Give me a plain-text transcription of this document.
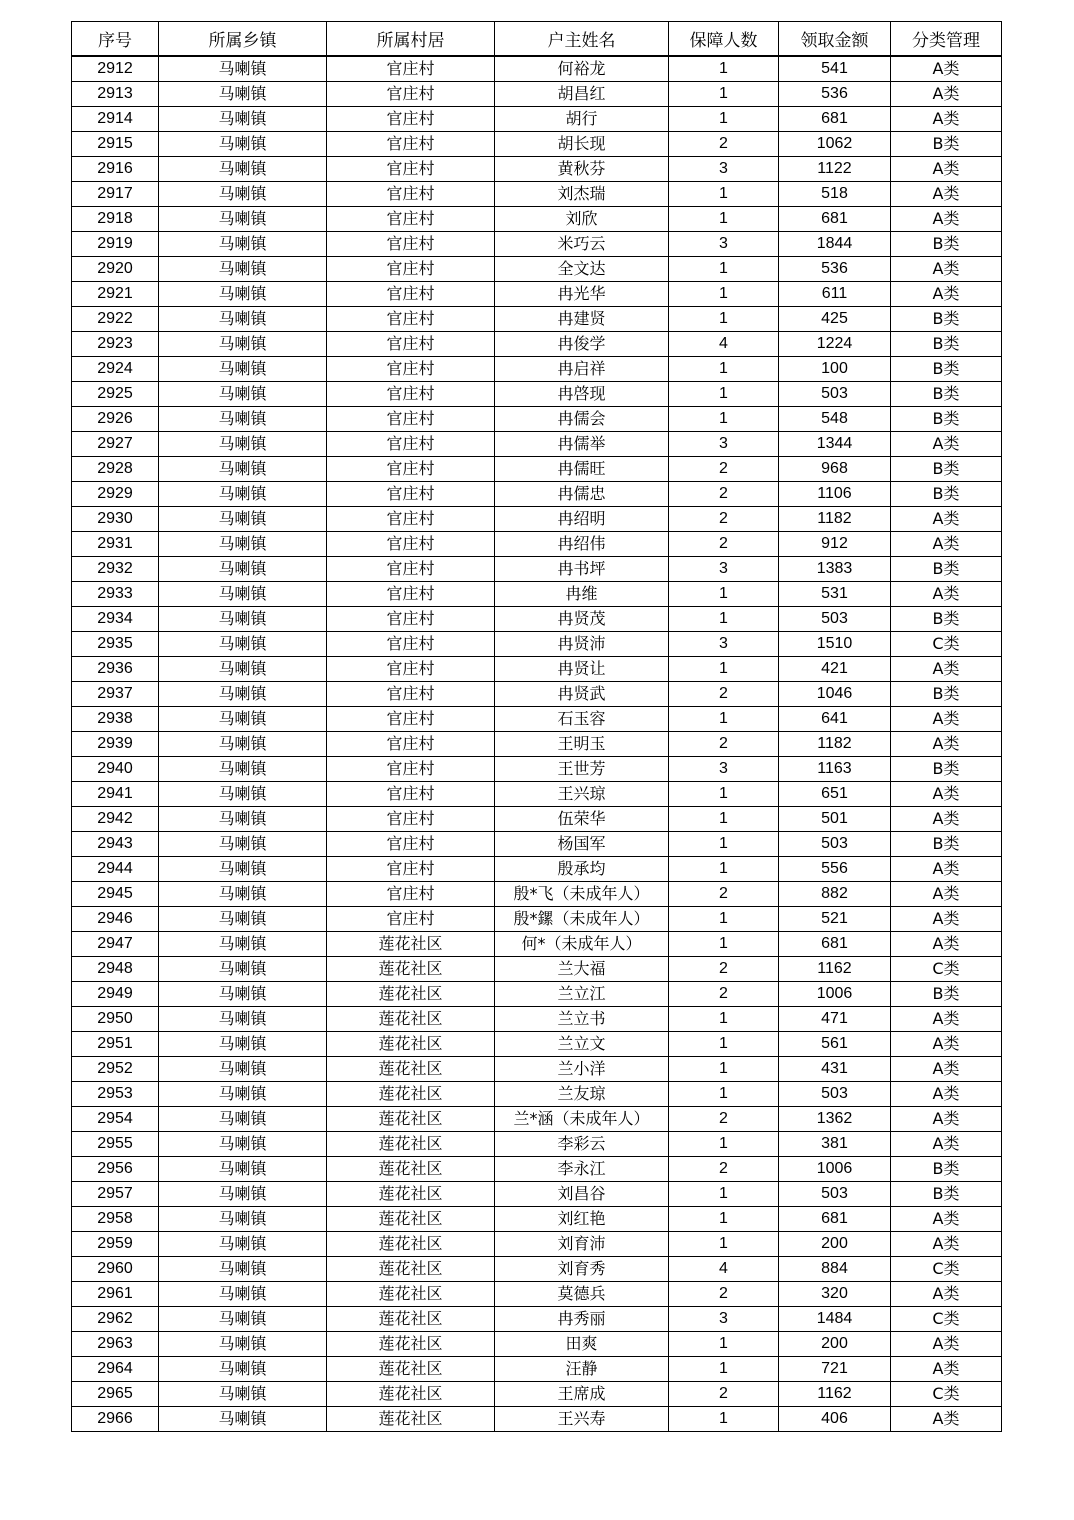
序号	所属乡镇	所属村居	户主姓名	保障人数	领取金额	分类管理
2912	马喇镇	官庄村	何裕龙	1	541	A类
2913	马喇镇	官庄村	胡昌红	1	536	A类
2914	马喇镇	官庄村	胡行	1	681	A类
2915	马喇镇	官庄村	胡长现	2	1062	B类
2916	马喇镇	官庄村	黄秋芬	3	1122	A类
2917	马喇镇	官庄村	刘杰瑞	1	518	A类
2918	马喇镇	官庄村	刘欣	1	681	A类
2919	马喇镇	官庄村	米巧云	3	1844	B类
2920	马喇镇	官庄村	全文达	1	536	A类
2921	马喇镇	官庄村	冉光华	1	611	A类
2922	马喇镇	官庄村	冉建贤	1	425	B类
2923	马喇镇	官庄村	冉俊学	4	1224	B类
2924	马喇镇	官庄村	冉启祥	1	100	B类
2925	马喇镇	官庄村	冉啓现	1	503	B类
2926	马喇镇	官庄村	冉儒会	1	548	B类
2927	马喇镇	官庄村	冉儒举	3	1344	A类
2928	马喇镇	官庄村	冉儒旺	2	968	B类
2929	马喇镇	官庄村	冉儒忠	2	1106	B类
2930	马喇镇	官庄村	冉绍明	2	1182	A类
2931	马喇镇	官庄村	冉绍伟	2	912	A类
2932	马喇镇	官庄村	冉书坪	3	1383	B类
2933	马喇镇	官庄村	冉维	1	531	A类
2934	马喇镇	官庄村	冉贤茂	1	503	B类
2935	马喇镇	官庄村	冉贤沛	3	1510	C类
2936	马喇镇	官庄村	冉贤让	1	421	A类
2937	马喇镇	官庄村	冉贤武	2	1046	B类
2938	马喇镇	官庄村	石玉容	1	641	A类
2939	马喇镇	官庄村	王明玉	2	1182	A类
2940	马喇镇	官庄村	王世芳	3	1163	B类
2941	马喇镇	官庄村	王兴琼	1	651	A类
2942	马喇镇	官庄村	伍荣华	1	501	A类
2943	马喇镇	官庄村	杨国军	1	503	B类
2944	马喇镇	官庄村	殷承均	1	556	A类
2945	马喇镇	官庄村	殷*飞（未成年人）	2	882	A类
2946	马喇镇	官庄村	殷*鏍（未成年人）	1	521	A类
2947	马喇镇	莲花社区	何*（未成年人）	1	681	A类
2948	马喇镇	莲花社区	兰大福	2	1162	C类
2949	马喇镇	莲花社区	兰立江	2	1006	B类
2950	马喇镇	莲花社区	兰立书	1	471	A类
2951	马喇镇	莲花社区	兰立文	1	561	A类
2952	马喇镇	莲花社区	兰小洋	1	431	A类
2953	马喇镇	莲花社区	兰友琼	1	503	A类
2954	马喇镇	莲花社区	兰*涵（未成年人）	2	1362	A类
2955	马喇镇	莲花社区	李彩云	1	381	A类
2956	马喇镇	莲花社区	李永江	2	1006	B类
2957	马喇镇	莲花社区	刘昌谷	1	503	B类
2958	马喇镇	莲花社区	刘红艳	1	681	A类
2959	马喇镇	莲花社区	刘育沛	1	200	A类
2960	马喇镇	莲花社区	刘育秀	4	884	C类
2961	马喇镇	莲花社区	莫德兵	2	320	A类
2962	马喇镇	莲花社区	冉秀丽	3	1484	C类
2963	马喇镇	莲花社区	田爽	1	200	A类
2964	马喇镇	莲花社区	汪静	1	721	A类
2965	马喇镇	莲花社区	王席成	2	1162	C类
2966	马喇镇	莲花社区	王兴寿	1	406	A类
